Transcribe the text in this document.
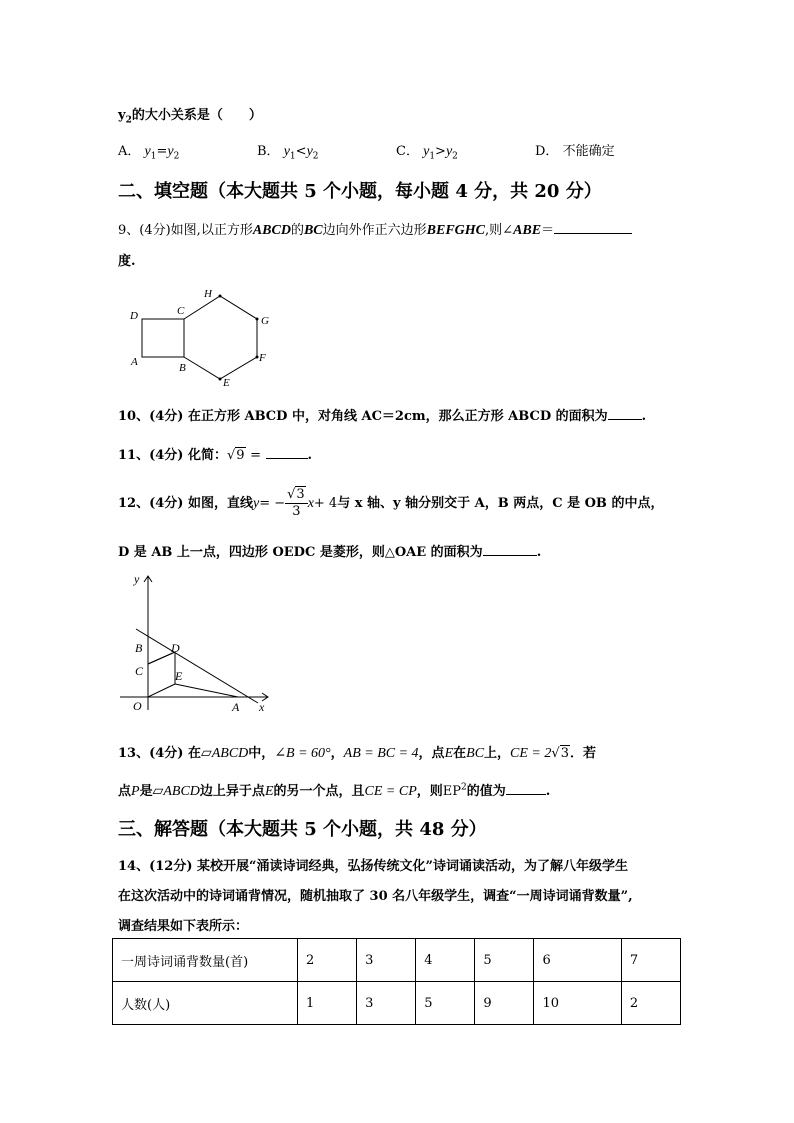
$y_2$的大小关系是（　　）
A． $y_1=y_2$	B． $y_1<y_2$	C． $y_1>y_2$	D． 不能确定
二、填空题（本大题共 5 个小题，每小题 4 分，共 20 分）
9、(4分)如图,以正方形ABCD的BC边向外作正六边形BEFGHC,则∠ABE＝
度.
D	C
H
G
A	B
F
E
10、(4分) 在正方形 ABCD 中，对角线 AC＝2cm，那么正方形 ABCD 的面积为	.
11、(4分) 化简：√9 =	.
12、(4分) 如图，直线$y= - \frac{√3}{3} x+ 4$与 x 轴、y 轴分别交于 A，B 两点，C 是 OB 的中点，
D 是 AB 上一点，四边形 OEDC 是菱形，则△OAE 的面积为	.
y
B D
C	E
O	A x
13、(4分) 在▱ABCD中，∠B = 60°，AB = BC = 4，点E在BC上，CE = 2√3．若
点P是▱ABCD边上异于点E的另一个点，且CE = CP，则$EP^2$的值为	.
三、解答题（本大题共 5 个小题，共 48 分）
14、(12分) 某校开展“涌读诗词经典，弘扬传统文化”诗词诵读活动，为了解八年级学生
在这次活动中的诗词诵背情况，随机抽取了 30 名八年级学生，调查“一周诗词诵背数量”,
调查结果如下表所示：
一周诗词诵背数量(首)	2	3	4	5	6	7
人数(人)	1	3	5	9	10	2
